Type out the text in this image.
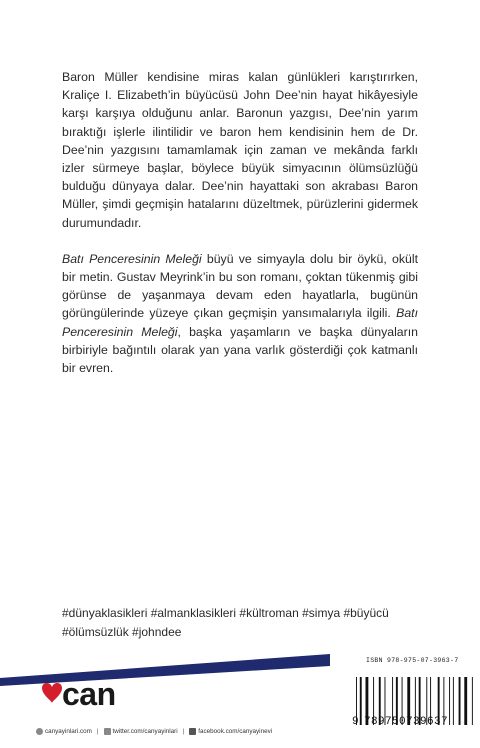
Baron Müller kendisine miras kalan günlükleri karıştırırken, Kraliçe I. Elizabeth’in büyücüsü John Dee’nin hayat hikâyesiyle karşı karşıya olduğunu anlar. Baronun yazgısı, Dee’nin yarım bıraktığı işlerle ilintilidir ve baron hem kendisinin hem de Dr. Dee’nin yazgısını tamamlamak için zaman ve mekânda farklı izler sürmeye başlar, böylece büyük simyacının ölümsüzlüğü bulduğu dünyaya dalar. Dee’nin hayattaki son akrabası Baron Müller, şimdi geçmişin hatalarını düzeltmek, pürüzlerini gidermek durumundadır.

Batı Penceresinin Meleği büyü ve simyayla dolu bir öykü, okült bir metin. Gustav Meyrink’in bu son romanı, çoktan tükenmiş gibi görünse de yaşanmaya devam eden hayatlarla, bugünün görüngülerinde yüzeye çıkan geçmişin yansımalarıyla ilgili. Batı Penceresinin Meleği, başka yaşamların ve başka dünyaların birbiriyle bağıntılı olarak yan yana varlık gösterdiği çok katmanlı bir evren.

#dünyaklasikleri #almanklasikleri #kültroman #simya #büyücü
#ölümsüzlük #johndee
ISBN 978-975-07-3963-7
9 789750739637
can
canyayinlari.com |	twitter.com/canyayinlari |	facebook.com/canyayinevi
